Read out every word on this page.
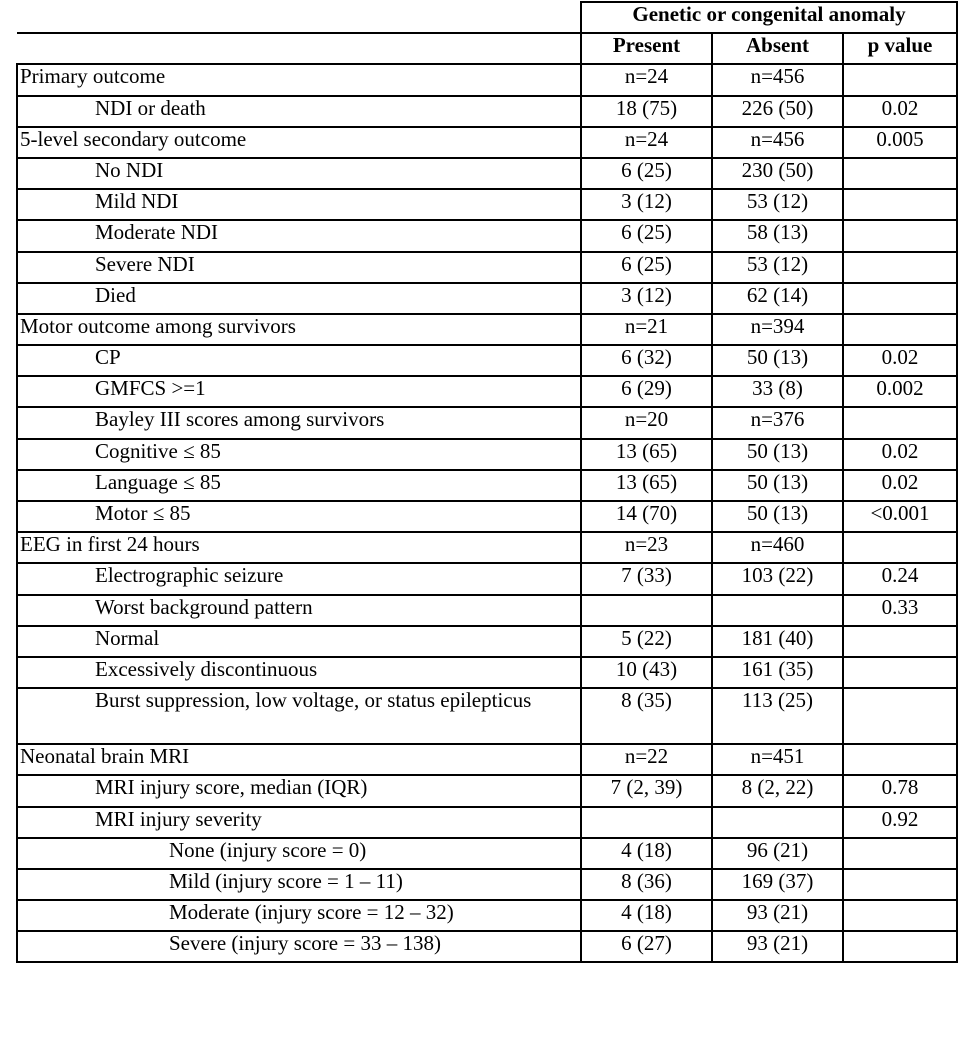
	Genetic or congenital anomaly		
	Present	Absent	p value
Primary outcome	n=24	n=456	
NDI or death	18 (75)	226 (50)	0.02
5-level secondary outcome	n=24	n=456	0.005
No NDI	6 (25)	230 (50)	
Mild NDI	3 (12)	53 (12)	
Moderate NDI	6 (25)	58 (13)	
Severe NDI	6 (25)	53 (12)	
Died	3 (12)	62 (14)	
Motor outcome among survivors	n=21	n=394	
CP	6 (32)	50 (13)	0.02
GMFCS >=1	6 (29)	33 (8)	0.002
Bayley III scores among survivors	n=20	n=376	
Cognitive ≤ 85	13 (65)	50 (13)	0.02
Language ≤ 85	13 (65)	50 (13)	0.02
Motor ≤ 85	14 (70)	50 (13)	<0.001
EEG in first 24 hours	n=23	n=460	
Electrographic seizure	7 (33)	103 (22)	0.24
Worst background pattern			0.33
Normal	5 (22)	181 (40)	
Excessively discontinuous	10 (43)	161 (35)	
Burst suppression, low voltage, or status epilepticus	8 (35)	113 (25)	
Neonatal brain MRI	n=22	n=451	
MRI injury score, median (IQR)	7 (2, 39)	8 (2, 22)	0.78
MRI injury severity			0.92
None (injury score = 0)	4 (18)	96 (21)	
Mild (injury score = 1 – 11)	8 (36)	169 (37)	
Moderate (injury score = 12 – 32)	4 (18)	93 (21)	
Severe (injury score = 33 – 138)	6 (27)	93 (21)	
